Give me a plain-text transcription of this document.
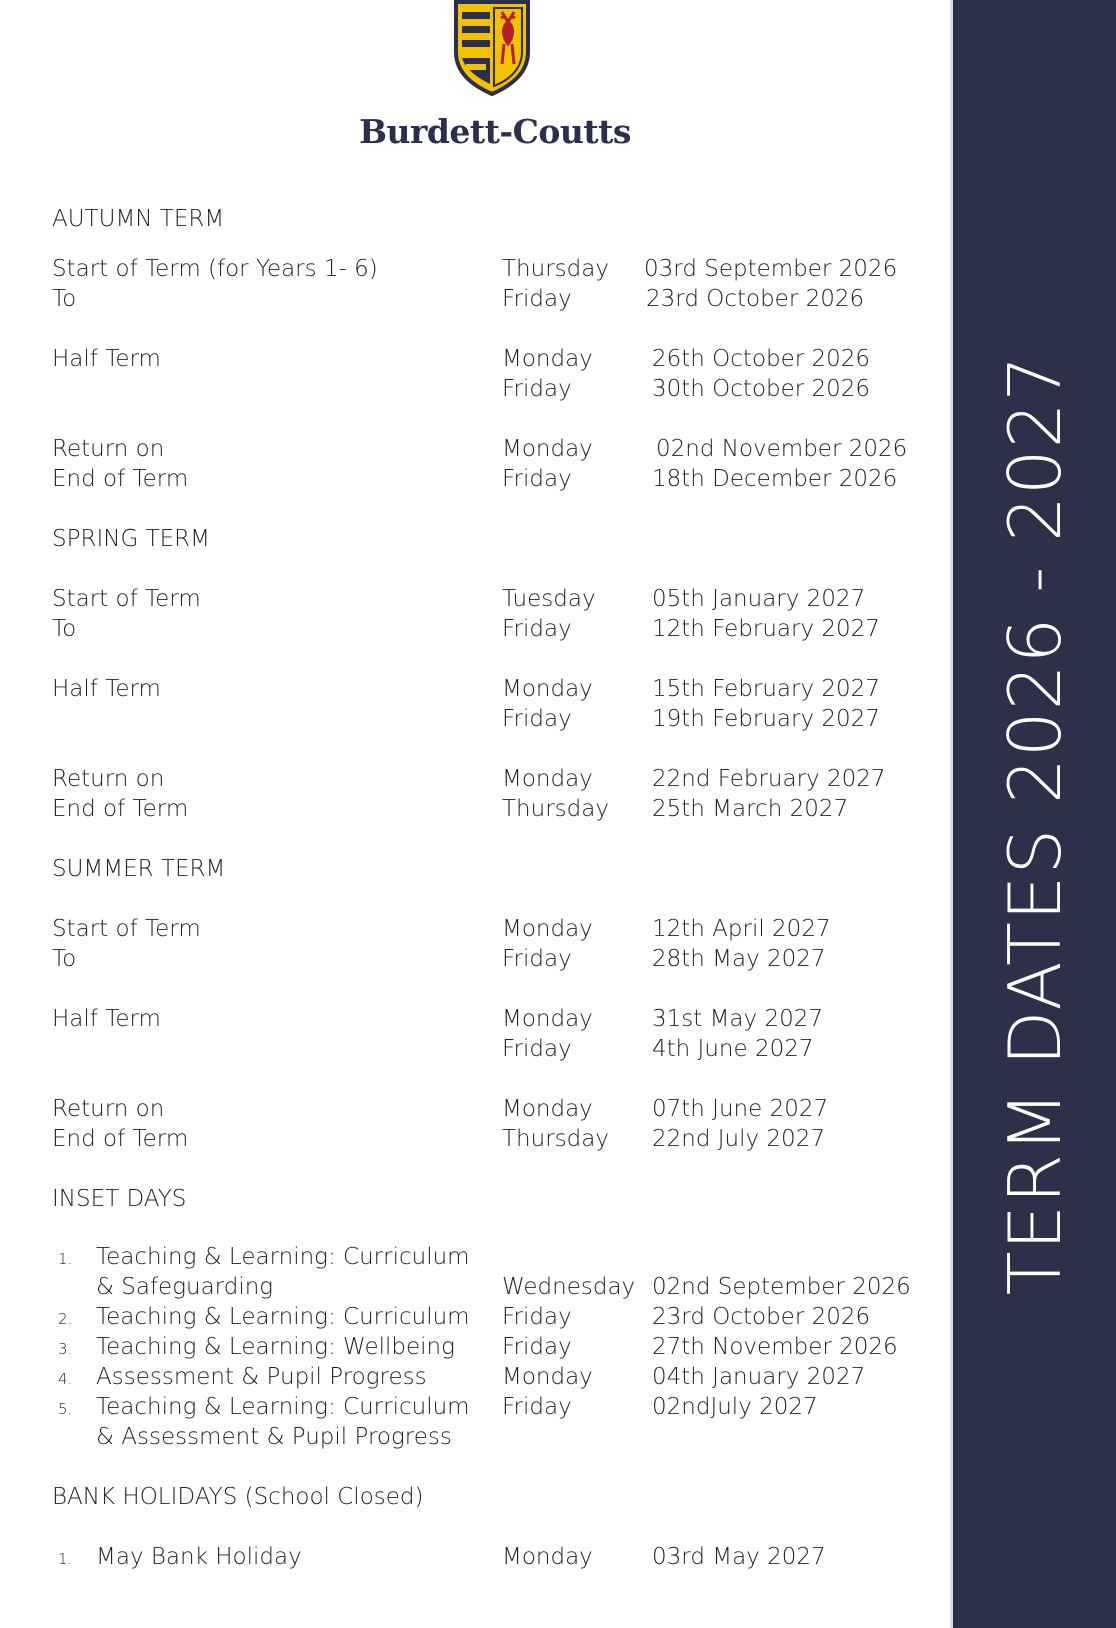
TERM DATES 2026 - 2027
Burdett-Coutts
AUTUMN TERM
Start of Term (for Years 1- 6)	Thursday 03rd September 2026
To	Friday	23rd October 2026
Half Term	Monday	26th October 2026
Friday	30th October 2026
Return on	Monday	02nd November 2026
End of Term	Friday	18th December 2026
SPRING TERM
Start of Term	Tuesday 05th January 2027
To	Friday	12th February 2027
Half Term	Monday	15th February 2027
Friday	19th February 2027
Return on	Monday	22nd February 2027
End of Term	Thursday 25th March 2027
SUMMER TERM
Start of Term	Monday	12th April 2027
To	Friday	28th May 2027
Half Term	Monday	31st May 2027
Friday	4th June 2027
Return on	Monday	07th June 2027
End of Term	Thursday 22nd July 2027
INSET DAYS
1. Teaching & Learning: Curriculum
& Safeguarding	Wednesday 02nd September 2026
2. Teaching & Learning: Curriculum Friday	23rd October 2026
3. Teaching & Learning: Wellbeing Friday	27th November 2026
4. Assessment & Pupil Progress	Monday	04th January 2027
5. Teaching & Learning: Curriculum Friday	02ndJuly 2027
& Assessment & Pupil Progress
BANK HOLIDAYS (School Closed)
1. May Bank Holiday	Monday	03rd May 2027
